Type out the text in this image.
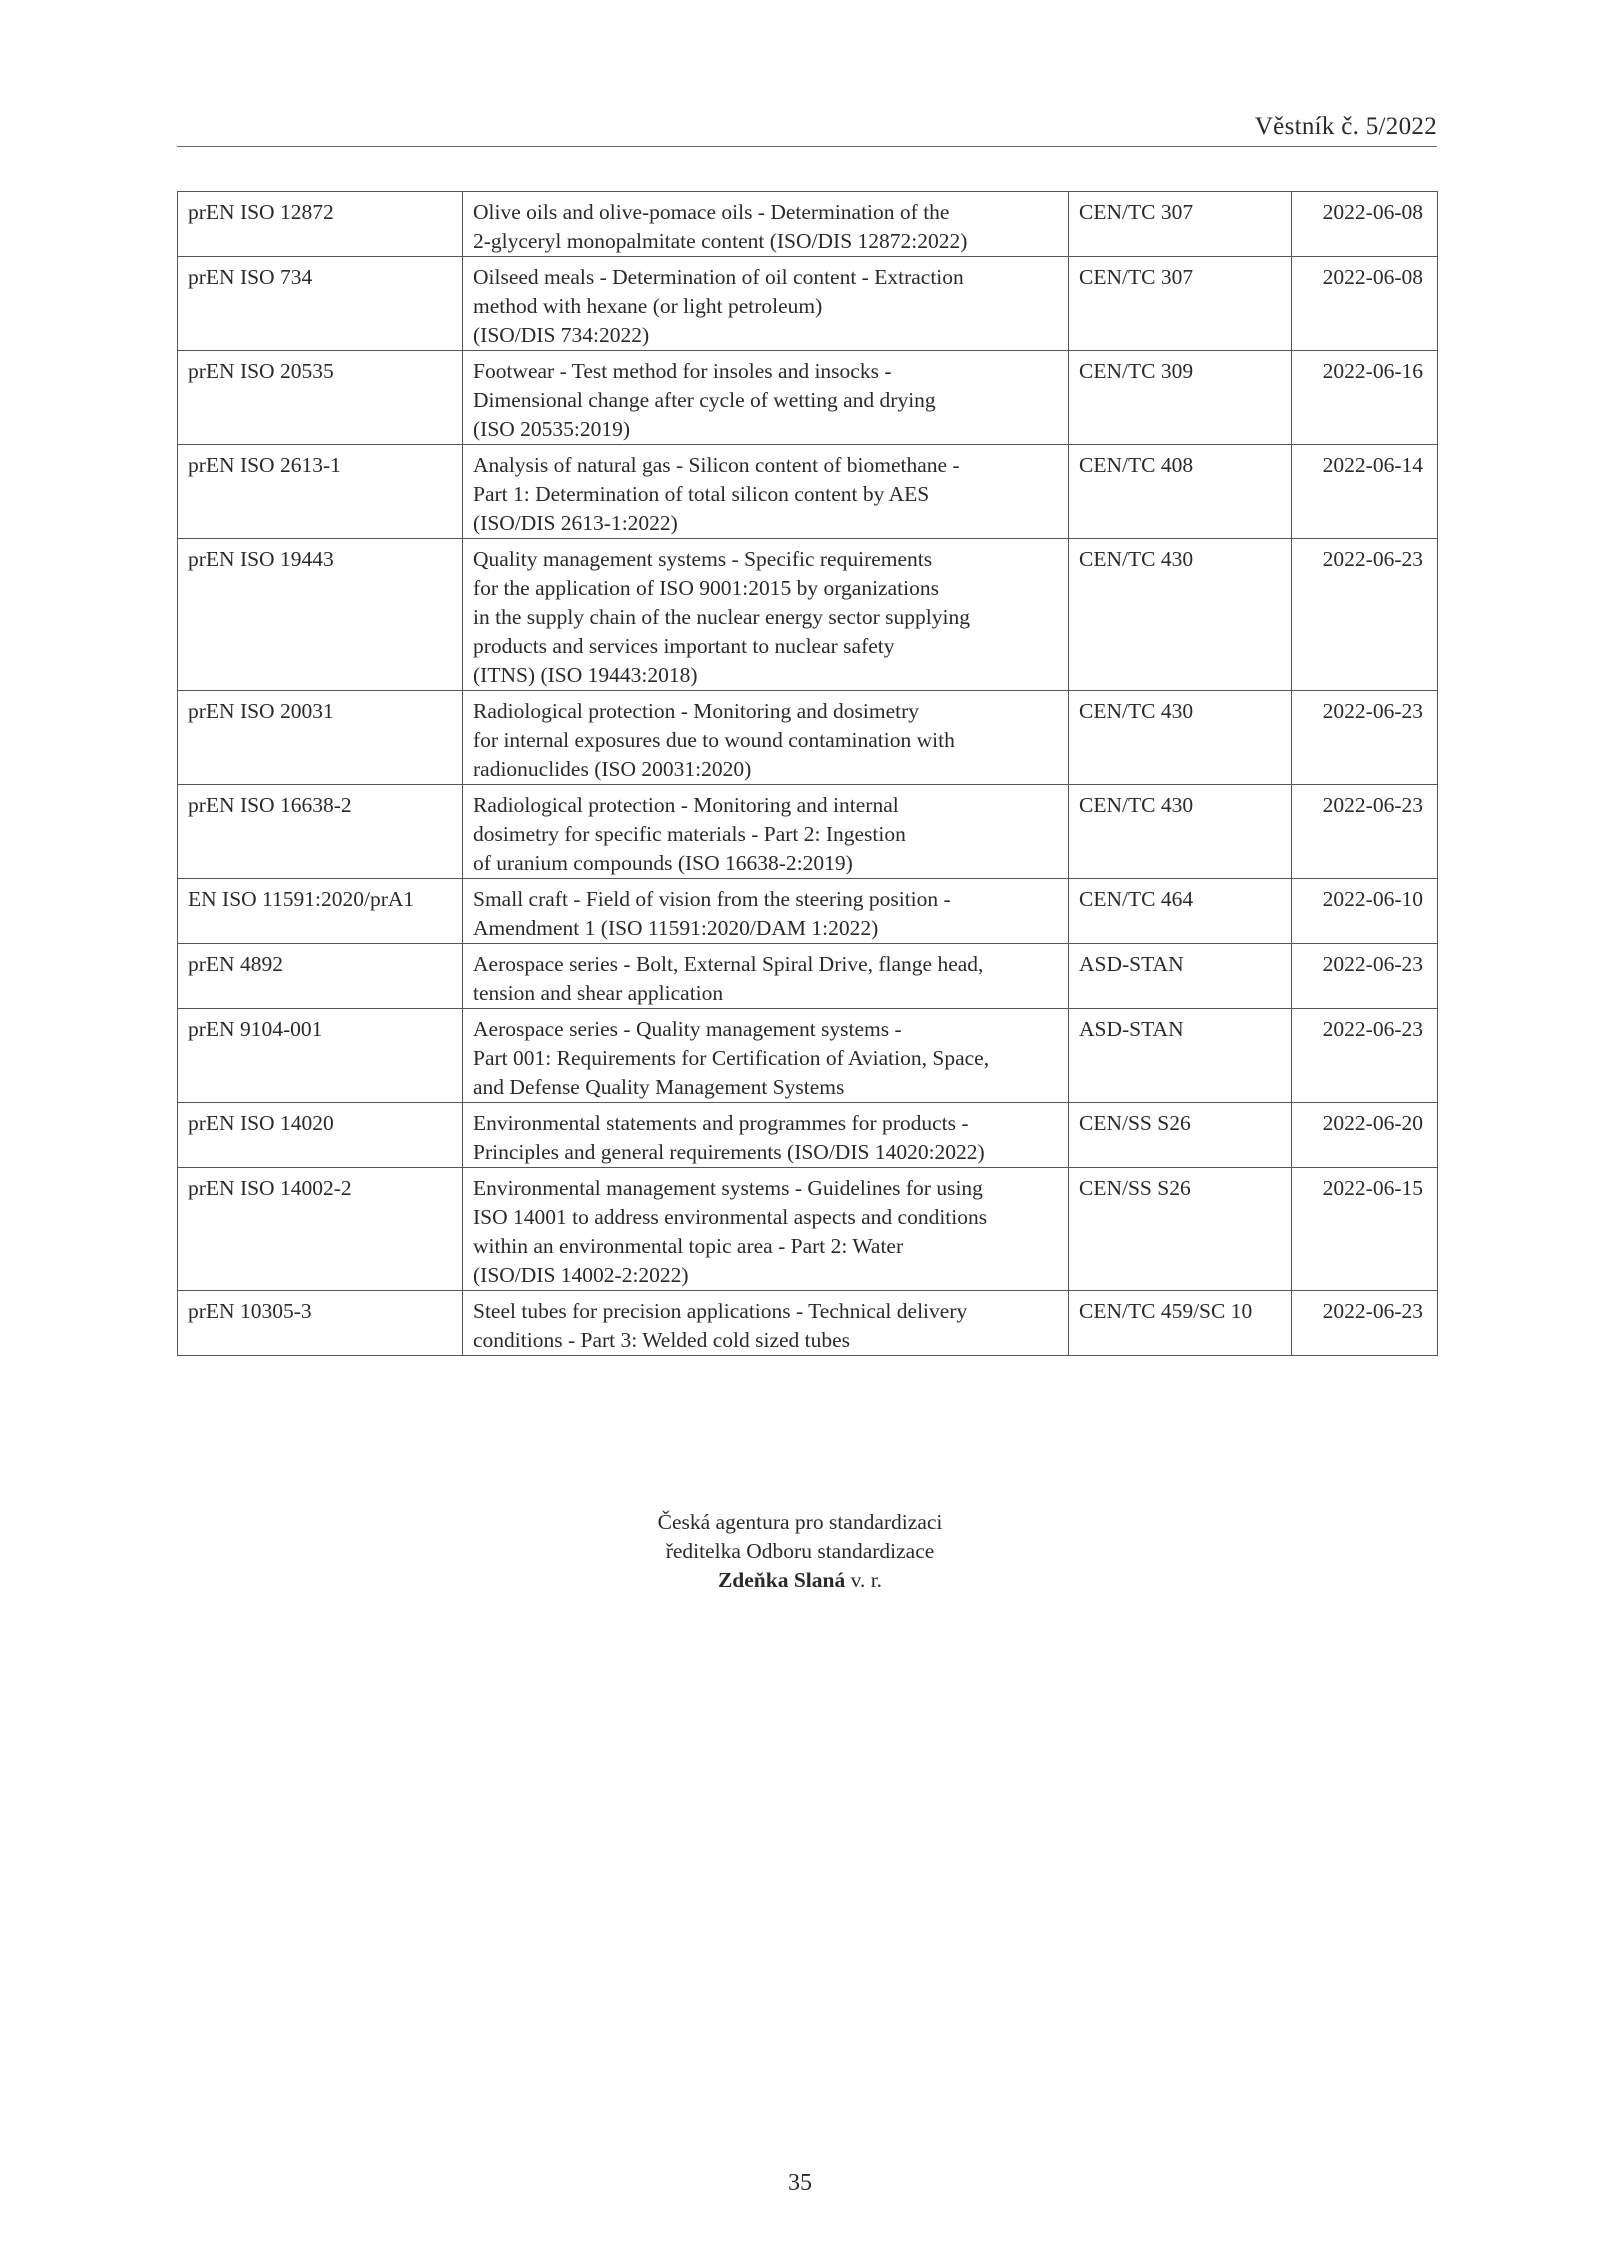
Věstník č. 5/2022
prEN ISO 12872	Olive oils and olive-pomace oils - Determination of the
2-glyceryl monopalmitate content (ISO/DIS 12872:2022)	CEN/TC 307	2022-06-08
prEN ISO 734	Oilseed meals - Determination of oil content - Extraction
method with hexane (or light petroleum)
(ISO/DIS 734:2022)	CEN/TC 307	2022-06-08
prEN ISO 20535	Footwear - Test method for insoles and insocks -
Dimensional change after cycle of wetting and drying
(ISO 20535:2019)	CEN/TC 309	2022-06-16
prEN ISO 2613-1	Analysis of natural gas - Silicon content of biomethane -
Part 1: Determination of total silicon content by AES
(ISO/DIS 2613-1:2022)	CEN/TC 408	2022-06-14
prEN ISO 19443	Quality management systems - Specific requirements
for the application of ISO 9001:2015 by organizations
in the supply chain of the nuclear energy sector supplying
products and services important to nuclear safety
(ITNS) (ISO 19443:2018)	CEN/TC 430	2022-06-23
prEN ISO 20031	Radiological protection - Monitoring and dosimetry
for internal exposures due to wound contamination with
radionuclides (ISO 20031:2020)	CEN/TC 430	2022-06-23
prEN ISO 16638-2	Radiological protection - Monitoring and internal
dosimetry for specific materials - Part 2: Ingestion
of uranium compounds (ISO 16638-2:2019)	CEN/TC 430	2022-06-23
EN ISO 11591:2020/prA1	Small craft - Field of vision from the steering position -
Amendment 1 (ISO 11591:2020/DAM 1:2022)	CEN/TC 464	2022-06-10
prEN 4892	Aerospace series - Bolt, External Spiral Drive, flange head,
tension and shear application	ASD-STAN	2022-06-23
prEN 9104-001	Aerospace series - Quality management systems -
Part 001: Requirements for Certification of Aviation, Space,
and Defense Quality Management Systems	ASD-STAN	2022-06-23
prEN ISO 14020	Environmental statements and programmes for products -
Principles and general requirements (ISO/DIS 14020:2022)	CEN/SS S26	2022-06-20
prEN ISO 14002-2	Environmental management systems - Guidelines for using
ISO 14001 to address environmental aspects and conditions
within an environmental topic area - Part 2: Water
(ISO/DIS 14002-2:2022)	CEN/SS S26	2022-06-15
prEN 10305-3	Steel tubes for precision applications - Technical delivery
conditions - Part 3: Welded cold sized tubes	CEN/TC 459/SC 10	2022-06-23
Česká agentura pro standardizaci
ředitelka Odboru standardizace
Zdeňka Slaná v. r.
35
